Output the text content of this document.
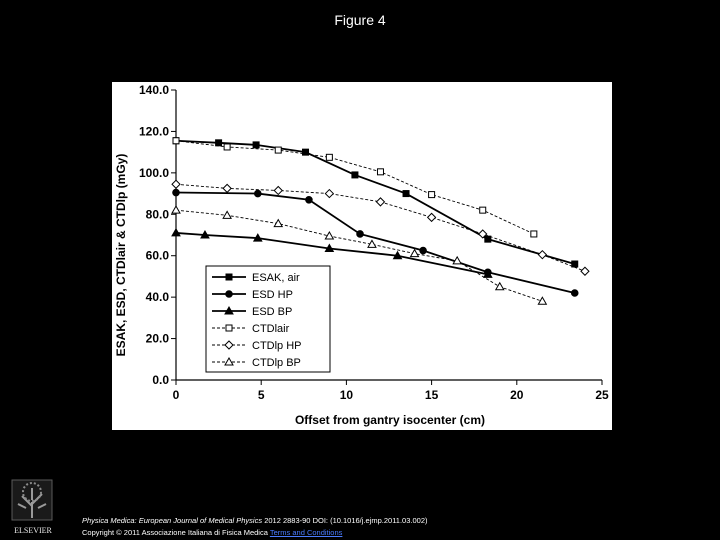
Figure 4
0.0
20.0
40.0
60.0
80.0
100.0
120.0
140.0
0	5	10	15	20	25
ESAK, air
ESD HP
ESD BP
CTDlair
CTDlp HP
CTDlp BP
ESAK, ESD, CTDlair & CTDlp (mGy)
Offset from gantry isocenter (cm)
ELSEVIER
Physica Medica: European Journal of Medical Physics 2012 2883-90 DOI: (10.1016/j.ejmp.2011.03.002)
Copyright © 2011 Associazione Italiana di Fisica Medica Terms and Conditions
